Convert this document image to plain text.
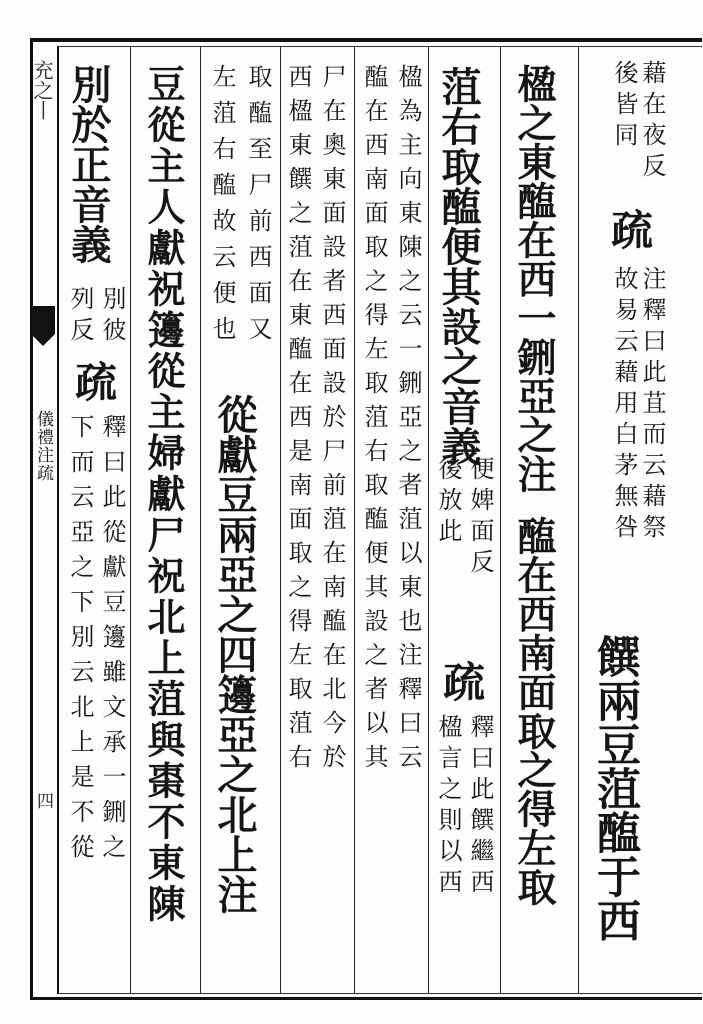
充之丨
儀禮注疏
四
藉在夜反
後皆同
疏
注釋曰此苴而云藉祭
故易云藉用白茅無咎
饌兩豆菹醢于西
楹之東醢在西一鉶亞之注
醢在西南面取之得左取
菹右取醢便其設之音義
便婢面反
後放此
疏
釋曰此饌繼西
楹言之則以西
楹為主向東陳之云一鉶亞之者菹以東也注釋曰云
醢在西南面取之得左取菹右取醢便其設之者以其
尸在奧東面設者西面設於尸前菹在南醢在北今於
西楹東饌之菹在東醢在西是南面取之得左取菹右
取醢至尸前西面又
左菹右醢故云便也
從獻豆兩亞之四籩亞之北上注
豆從主人獻祝籩從主婦獻尸祝北上菹與棗不東陳
別於正音義
別彼
列反
疏
釋曰此從獻豆籩雖文承一鉶之
下而云亞之下別云北上是不從
